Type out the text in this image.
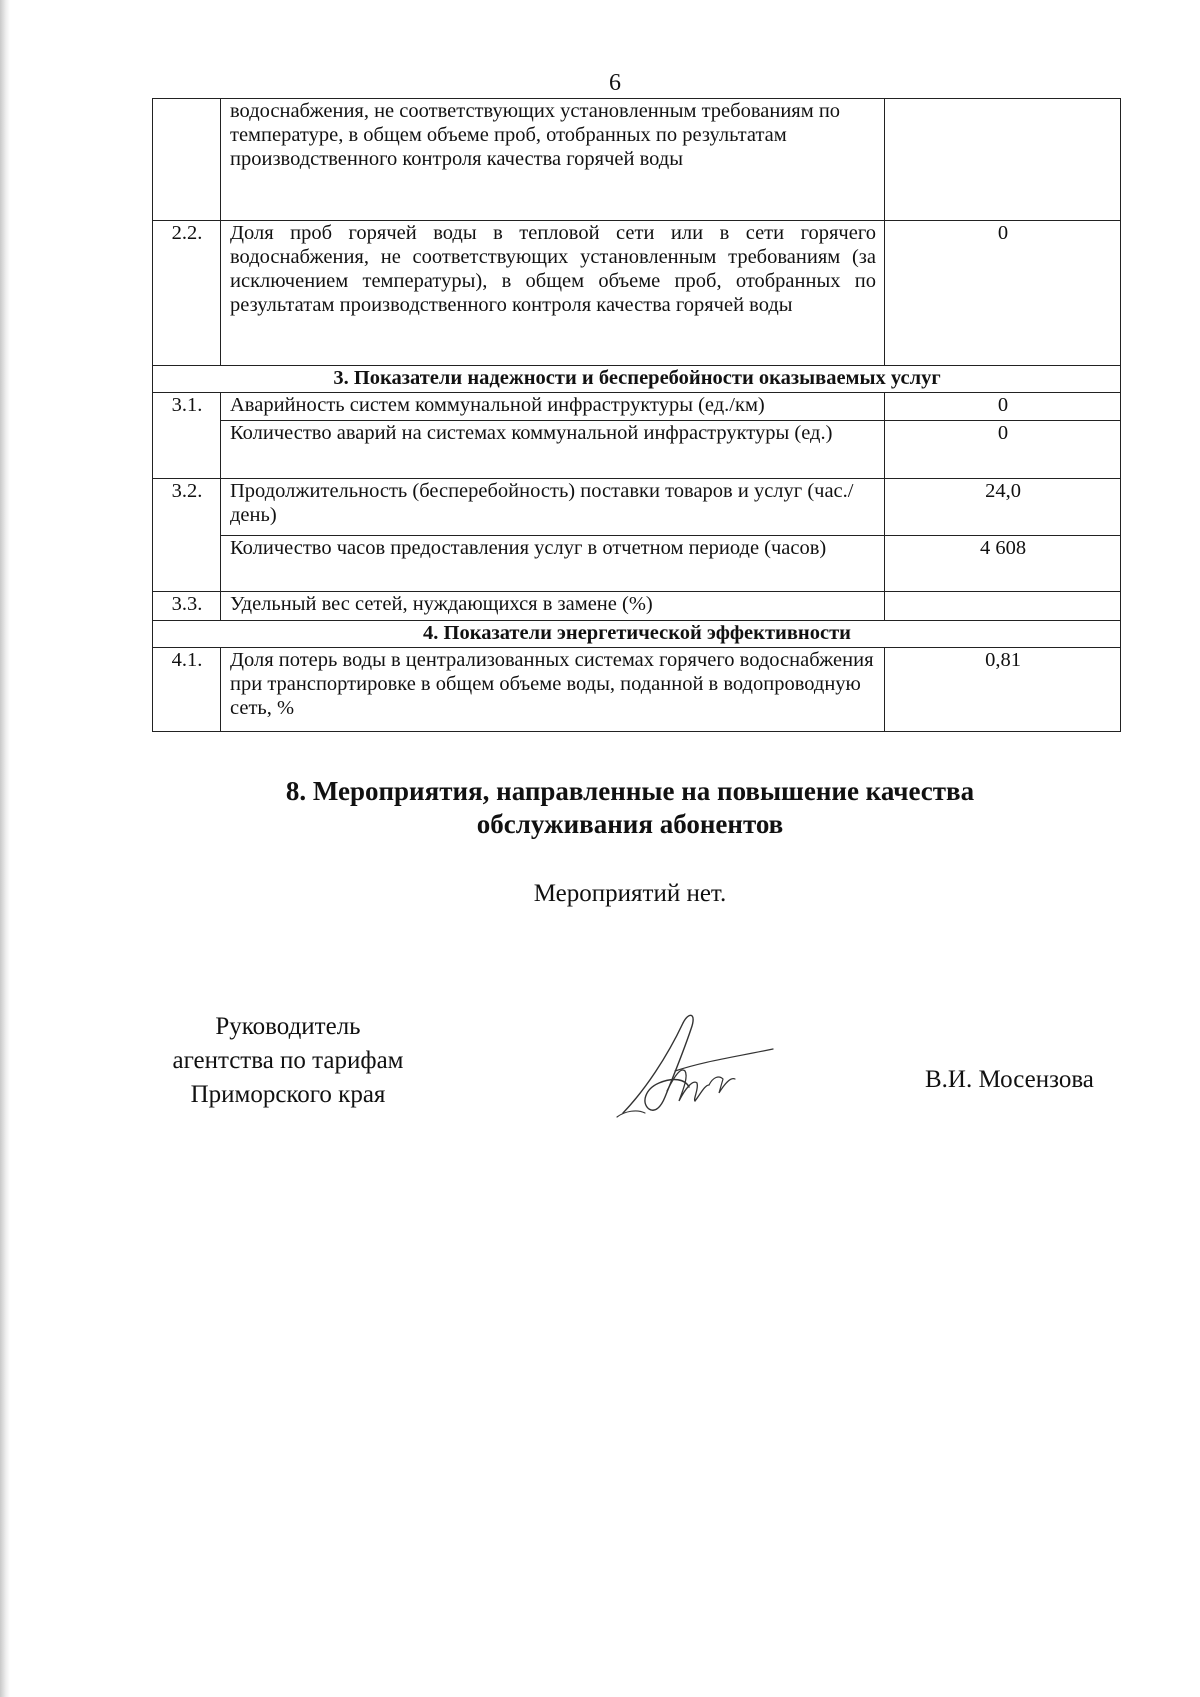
6
	водоснабжения, не соответствующих установленным требованиям по температуре, в общем объеме проб, отобранных по результатам производственного контроля качества горячей воды	
2.2.	Доля проб горячей воды в тепловой сети или в сети горячего водоснабжения, не соответствующих установленным требованиям (за исключением температуры), в общем объеме проб, отобранных по результатам производственного контроля качества горячей воды	0
3. Показатели надежности и бесперебойности оказываемых услуг		
3.1.	Аварийность систем коммунальной инфраструктуры (ед./км)	0
	Количество аварий на системах коммунальной инфраструктуры (ед.)	0
3.2.	Продолжительность (бесперебойность) поставки товаров и услуг (час./день)	24,0
	Количество часов предоставления услуг в отчетном периоде (часов)	4 608
3.3.	Удельный вес сетей, нуждающихся в замене (%)	
4. Показатели энергетической эффективности		
4.1.	Доля потерь воды в централизованных системах горячего водоснабжения при транспортировке в общем объеме воды, поданной в водопроводную сеть, %	0,81
8. Мероприятия, направленные на повышение качества
обслуживания абонентов
Мероприятий нет.
Руководитель
агентства по тарифам
Приморского края
В.И. Мосензова
